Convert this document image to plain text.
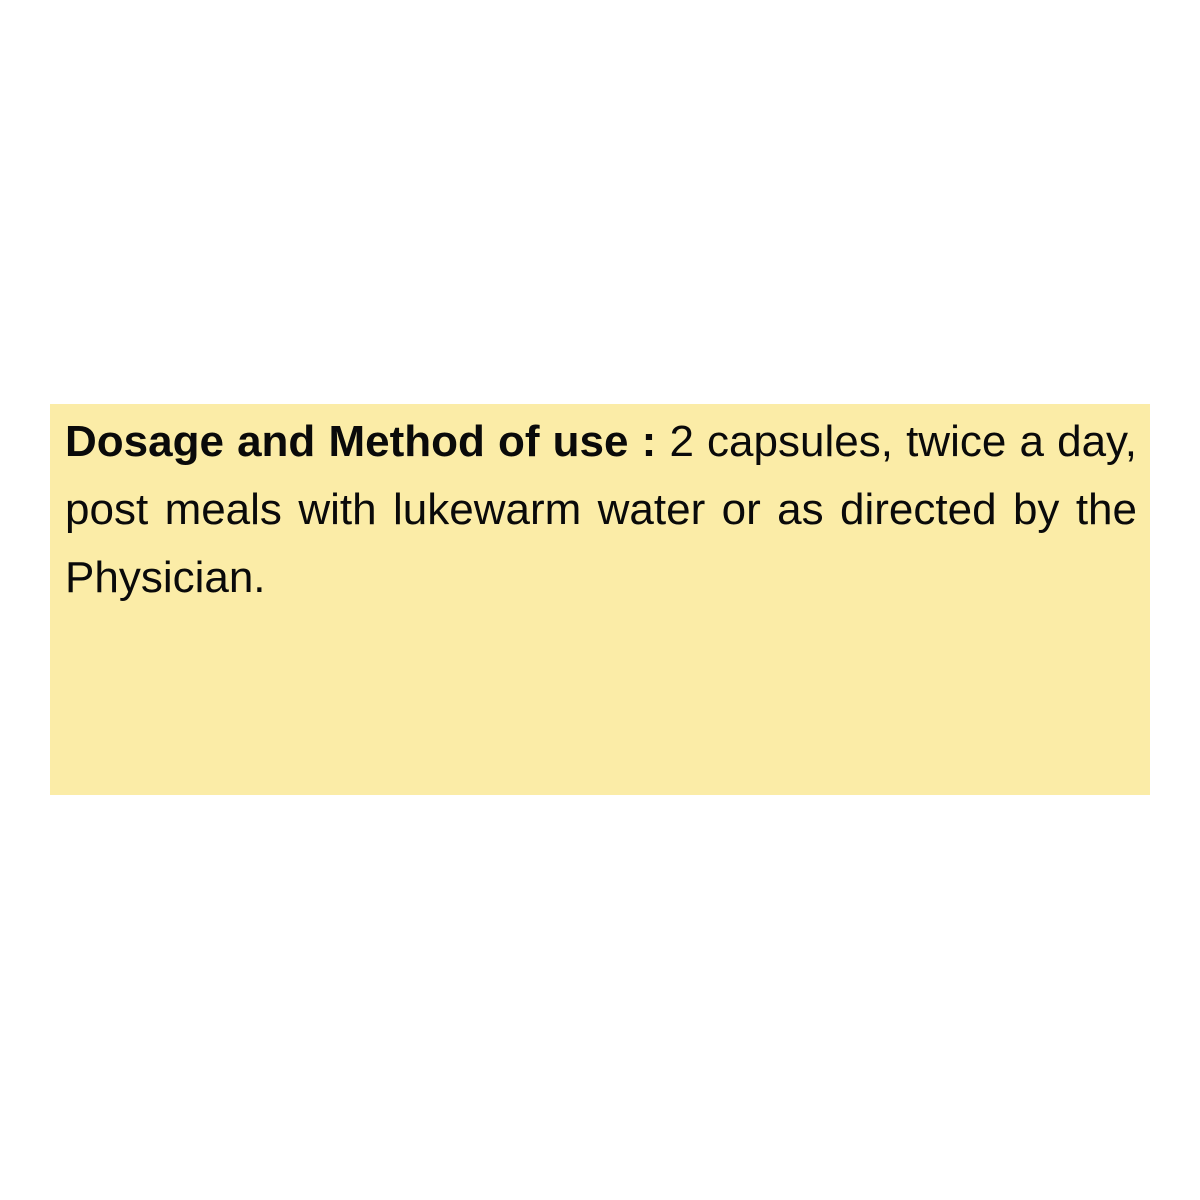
Dosage and Method of use : 2 capsules, twice a day,
post meals with lukewarm water or as directed by the
Physician.
